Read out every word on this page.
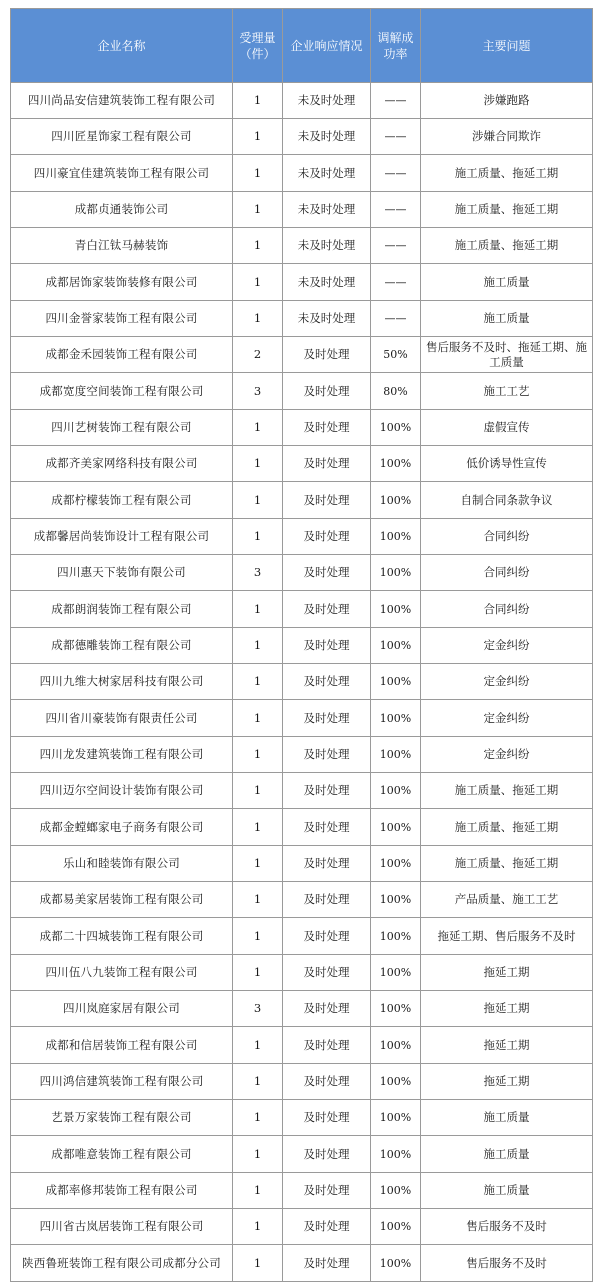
企业名称	受理量（件）	企业响应情况	调解成功率	主要问题
四川尚品安信建筑装饰工程有限公司	1	未及时处理	——	涉嫌跑路
四川匠星饰家工程有限公司	1	未及时处理	——	涉嫌合同欺诈
四川豪宜佳建筑装饰工程有限公司	1	未及时处理	——	施工质量、拖延工期
成都贞通装饰公司	1	未及时处理	——	施工质量、拖延工期
青白江钛马赫装饰	1	未及时处理	——	施工质量、拖延工期
成都居饰家装饰装修有限公司	1	未及时处理	——	施工质量
四川金誉家装饰工程有限公司	1	未及时处理	——	施工质量
成都金禾园装饰工程有限公司	2	及时处理	50%	售后服务不及时、拖延工期、施工质量
成都宽度空间装饰工程有限公司	3	及时处理	80%	施工工艺
四川艺树装饰工程有限公司	1	及时处理	100%	虚假宣传
成都齐美家网络科技有限公司	1	及时处理	100%	低价诱导性宣传
成都柠檬装饰工程有限公司	1	及时处理	100%	自制合同条款争议
成都馨居尚装饰设计工程有限公司	1	及时处理	100%	合同纠纷
四川惠天下装饰有限公司	3	及时处理	100%	合同纠纷
成都朗润装饰工程有限公司	1	及时处理	100%	合同纠纷
成都德雕装饰工程有限公司	1	及时处理	100%	定金纠纷
四川九维大树家居科技有限公司	1	及时处理	100%	定金纠纷
四川省川豪装饰有限责任公司	1	及时处理	100%	定金纠纷
四川龙发建筑装饰工程有限公司	1	及时处理	100%	定金纠纷
四川迈尔空间设计装饰有限公司	1	及时处理	100%	施工质量、拖延工期
成都金螳螂家电子商务有限公司	1	及时处理	100%	施工质量、拖延工期
乐山和睦装饰有限公司	1	及时处理	100%	施工质量、拖延工期
成都易美家居装饰工程有限公司	1	及时处理	100%	产品质量、施工工艺
成都二十四城装饰工程有限公司	1	及时处理	100%	拖延工期、售后服务不及时
四川伍八九装饰工程有限公司	1	及时处理	100%	拖延工期
四川岚庭家居有限公司	3	及时处理	100%	拖延工期
成都和信居装饰工程有限公司	1	及时处理	100%	拖延工期
四川鸿信建筑装饰工程有限公司	1	及时处理	100%	拖延工期
艺景万家装饰工程有限公司	1	及时处理	100%	施工质量
成都唯意装饰工程有限公司	1	及时处理	100%	施工质量
成都率修邦装饰工程有限公司	1	及时处理	100%	施工质量
四川省古岚居装饰工程有限公司	1	及时处理	100%	售后服务不及时
陕西鲁班装饰工程有限公司成都分公司	1	及时处理	100%	售后服务不及时
